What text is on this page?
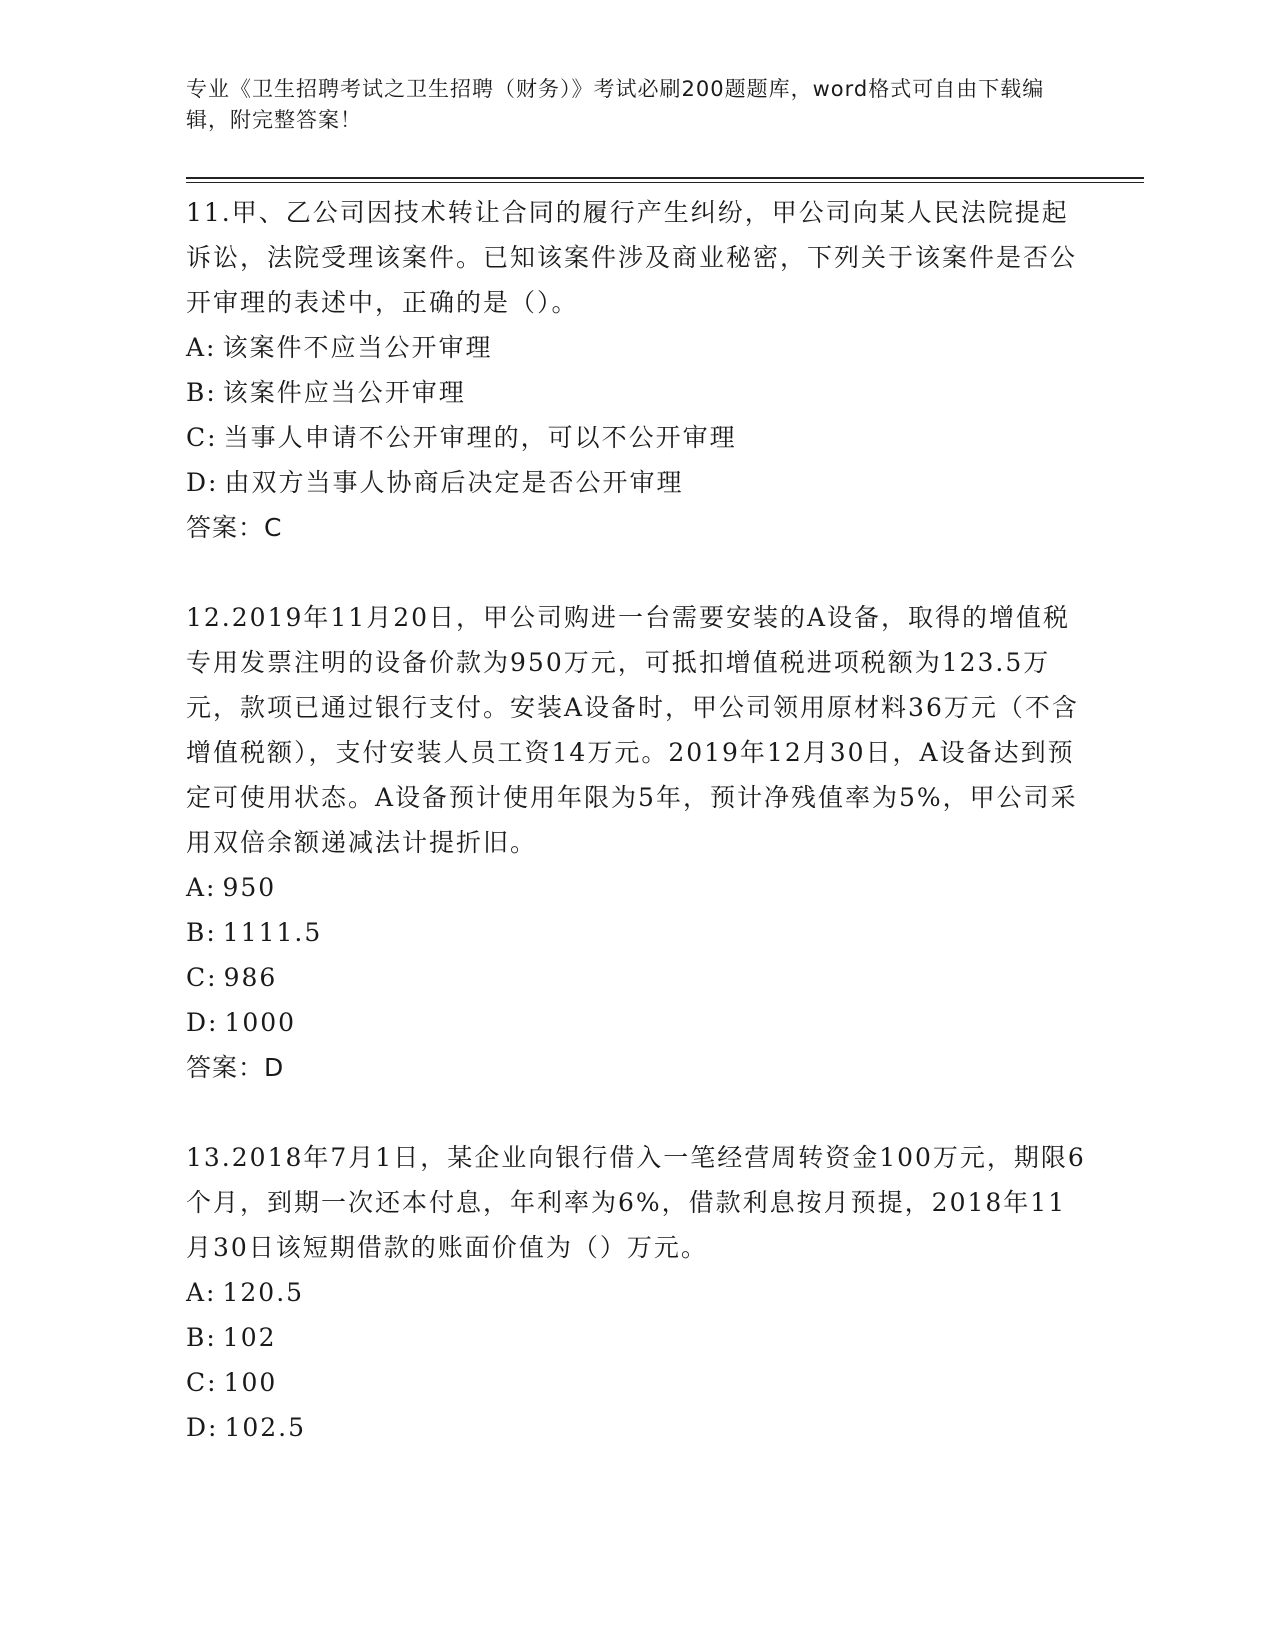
专业《卫生招聘考试之卫生招聘（财务）》考试必刷200题题库，word格式可自由下载编辑，附完整答案！

11.甲、乙公司因技术转让合同的履行产生纠纷，甲公司向某人民法院提起诉讼，法院受理该案件。已知该案件涉及商业秘密，下列关于该案件是否公开审理的表述中，正确的是（）。

A: 该案件不应当公开审理

B: 该案件应当公开审理

C: 当事人申请不公开审理的，可以不公开审理

D: 由双方当事人协商后决定是否公开审理

答案：C

12.2019年11月20日，甲公司购进一台需要安装的A设备，取得的增值税专用发票注明的设备价款为950万元，可抵扣增值税进项税额为123.5万元，款项已通过银行支付。安装A设备时，甲公司领用原材料36万元（不含增值税额），支付安装人员工资14万元。2019年12月30日，A设备达到预定可使用状态。A设备预计使用年限为5年，预计净残值率为5%，甲公司采用双倍余额递减法计提折旧。

A: 950

B: 1111.5

C: 986

D: 1000

答案：D

13.2018年7月1日，某企业向银行借入一笔经营周转资金100万元，期限6个月，到期一次还本付息，年利率为6%，借款利息按月预提，2018年11月30日该短期借款的账面价值为（）万元。

A: 120.5

B: 102

C: 100

D: 102.5
